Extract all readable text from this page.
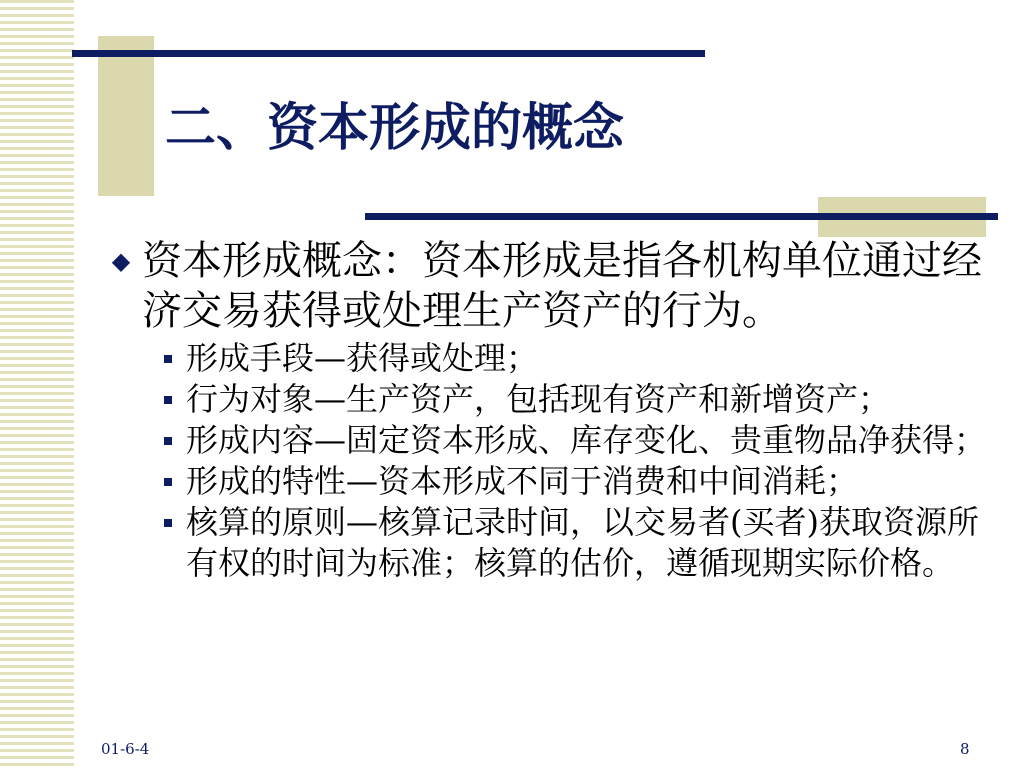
二、资本形成的概念
◆ 资本形成概念：资本形成是指各机构单位通过经济交易获得或处理生产资产的行为。
形成手段—获得或处理；
行为对象—生产资产，包括现有资产和新增资产；
形成内容—固定资本形成、库存变化、贵重物品净获得；
形成的特性—资本形成不同于消费和中间消耗；
核算的原则—核算记录时间，以交易者(买者)获取资源所有权的时间为标准；核算的估价，遵循现期实际价格。
01-6-4	8
